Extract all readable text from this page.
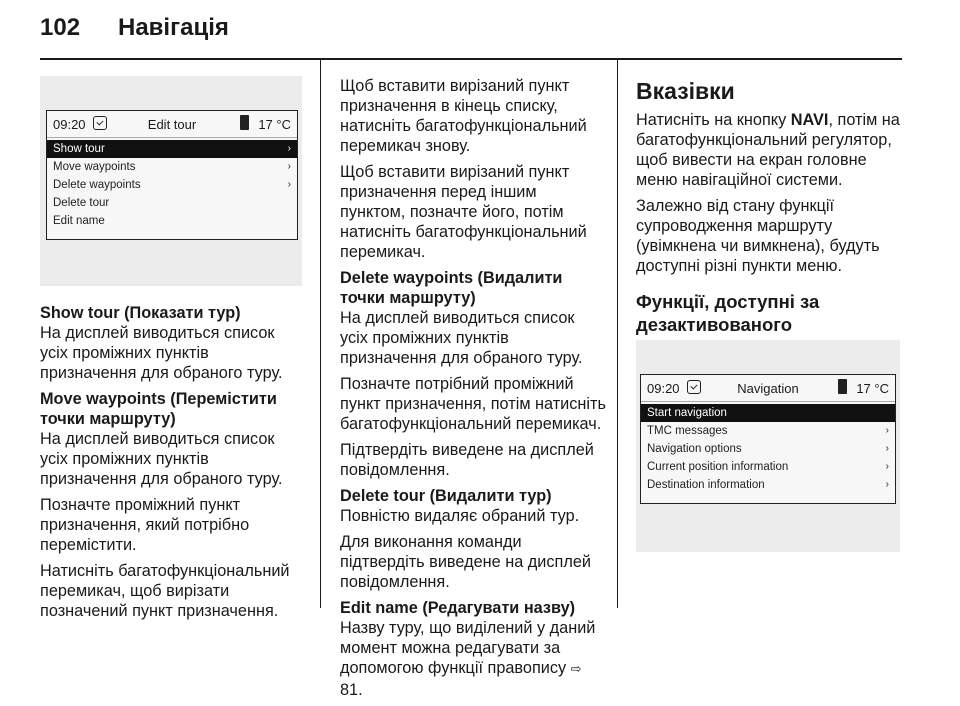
102 Навігація
09:20	Edit tour	17 °C
Show tour	›
Move waypoints	›
Delete waypoints	›
Delete tour
Edit name

Show tour (Показати тур)

На дисплей виводиться список усіх проміжних пунктів призначення для обраного туру.

Move waypoints (Перемістити точки маршруту)

На дисплей виводиться список усіх проміжних пунктів призначення для обраного туру.

Позначте проміжний пункт призначення, який потрібно перемістити.

Натисніть багатофункціональний перемикач, щоб вирізати позначений пункт призначення.

Щоб вставити вирізаний пункт призначення в кінець списку, натисніть багатофункціональний перемикач знову.

Щоб вставити вирізаний пункт призначення перед іншим пунктом, позначте його, потім натисніть багатофункціональний перемикач.

Delete waypoints (Видалити точки маршруту)

На дисплей виводиться список усіх проміжних пунктів призначення для обраного туру.

Позначте потрібний проміжний пункт призначення, потім натисніть багатофункціональний перемикач.

Підтвердіть виведене на дисплей повідомлення.

Delete tour (Видалити тур)

Повністю видаляє обраний тур.

Для виконання команди підтвердіть виведене на дисплей повідомлення.

Edit name (Редагувати назву)

Назву туру, що виділений у даний момент можна редагувати за допомогою функції правопису ⇨ 81.

Вказівки

Натисніть на кнопку NAVI, потім на багатофункціональний регулятор, щоб вивести на екран головне меню навігаційної системи.

Залежно від стану функції супроводження маршруту (увімкнена чи вимкнена), будуть доступні різні пункти меню.

Функції, доступні за дезактивованого

09:20	Navigation	17 °C
Start navigation
TMC messages	›
Navigation options	›
Current position information	›
Destination information	›
